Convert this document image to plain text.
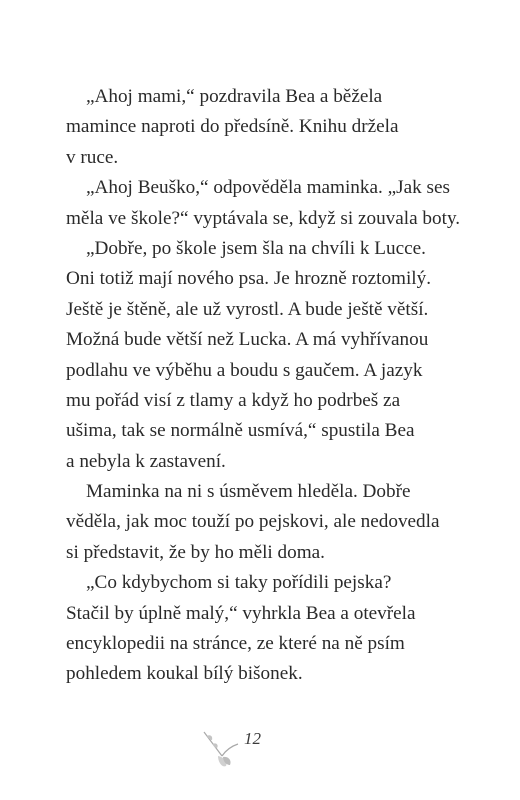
„Ahoj mami,“ pozdravila Bea a běžela
mamince naproti do předsíně. Knihu držela
v ruce.
„Ahoj Beuško,“ odpověděla maminka. „Jak ses
měla ve škole?“ vyptávala se, když si zouvala boty.
„Dobře, po škole jsem šla na chvíli k Lucce.
Oni totiž mají nového psa. Je hrozně roztomilý.
Ještě je štěně, ale už vyrostl. A bude ještě větší.
Možná bude větší než Lucka. A má vyhřívanou
podlahu ve výběhu a boudu s gaučem. A jazyk
mu pořád visí z tlamy a když ho podrbeš za
ušima, tak se normálně usmívá,“ spustila Bea
a nebyla k zastavení.
Maminka na ni s úsměvem hleděla. Dobře
věděla, jak moc touží po pejskovi, ale nedovedla
si představit, že by ho měli doma.
„Co kdybychom si taky pořídili pejska?
Stačil by úplně malý,“ vyhrkla Bea a otevřela
encyklopedii na stránce, ze které na ně psím
pohledem koukal bílý bišonek.
12
